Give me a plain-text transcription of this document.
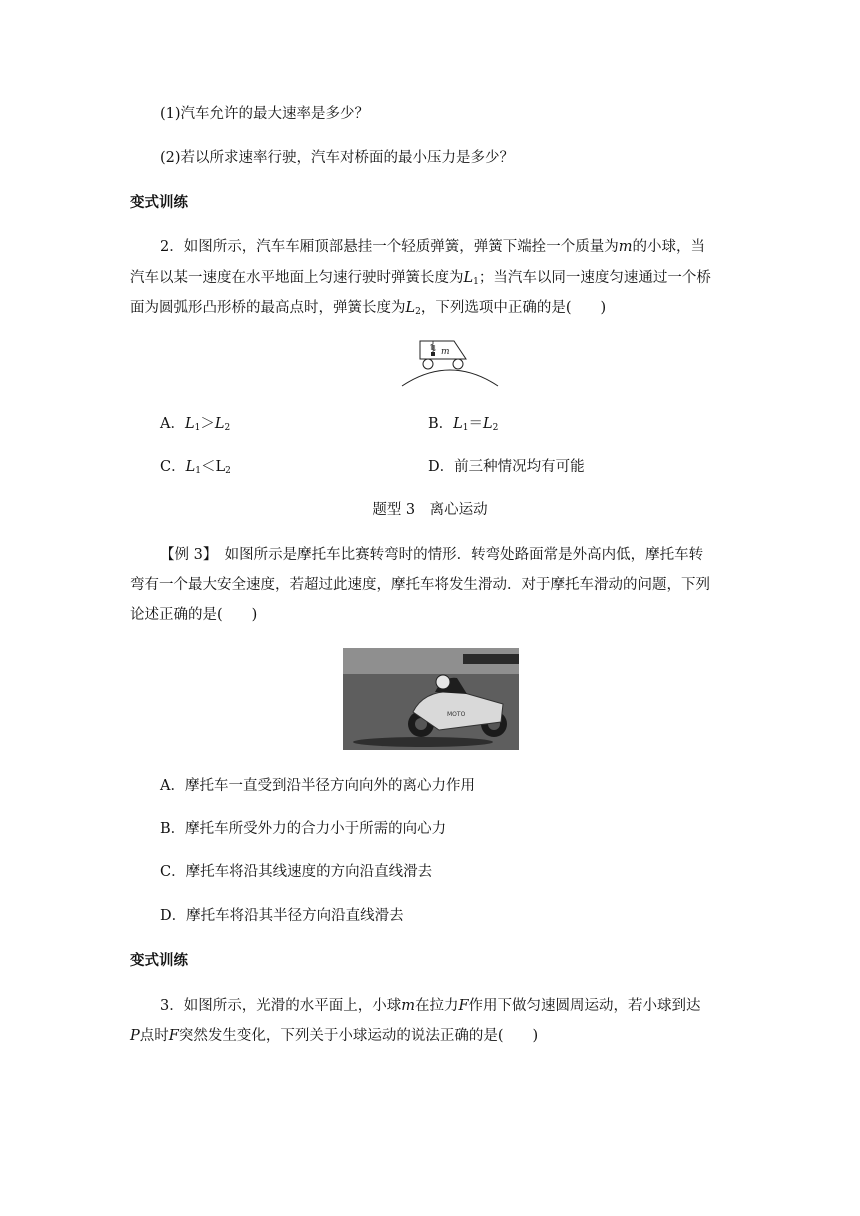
(1)汽车允许的最大速率是多少？
(2)若以所求速率行驶，汽车对桥面的最小压力是多少？
变式训练
2．如图所示，汽车车厢顶部悬挂一个轻质弹簧，弹簧下端拴一个质量为m的小球，当
汽车以某一速度在水平地面上匀速行驶时弹簧长度为$L_1$；当汽车以同一速度匀速通过一个桥
面为圆弧形凸形桥的最高点时，弹簧长度为$L_2$，下列选项中正确的是(　　)
m
A．$L_1>L_2$	B．$L_1=L_2$
C．$L_1<L_2$	D．前三种情况均有可能
题型 3　离心运动
【例 3】　如图所示是摩托车比赛转弯时的情形．转弯处路面常是外高内低，摩托车转
弯有一个最大安全速度，若超过此速度，摩托车将发生滑动．对于摩托车滑动的问题，下列
论述正确的是(　　)
MOTO
A．摩托车一直受到沿半径方向向外的离心力作用
B．摩托车所受外力的合力小于所需的向心力
C．摩托车将沿其线速度的方向沿直线滑去
D．摩托车将沿其半径方向沿直线滑去
变式训练
3．如图所示，光滑的水平面上，小球m在拉力F作用下做匀速圆周运动，若小球到达
P点时F突然发生变化，下列关于小球运动的说法正确的是(　　)
